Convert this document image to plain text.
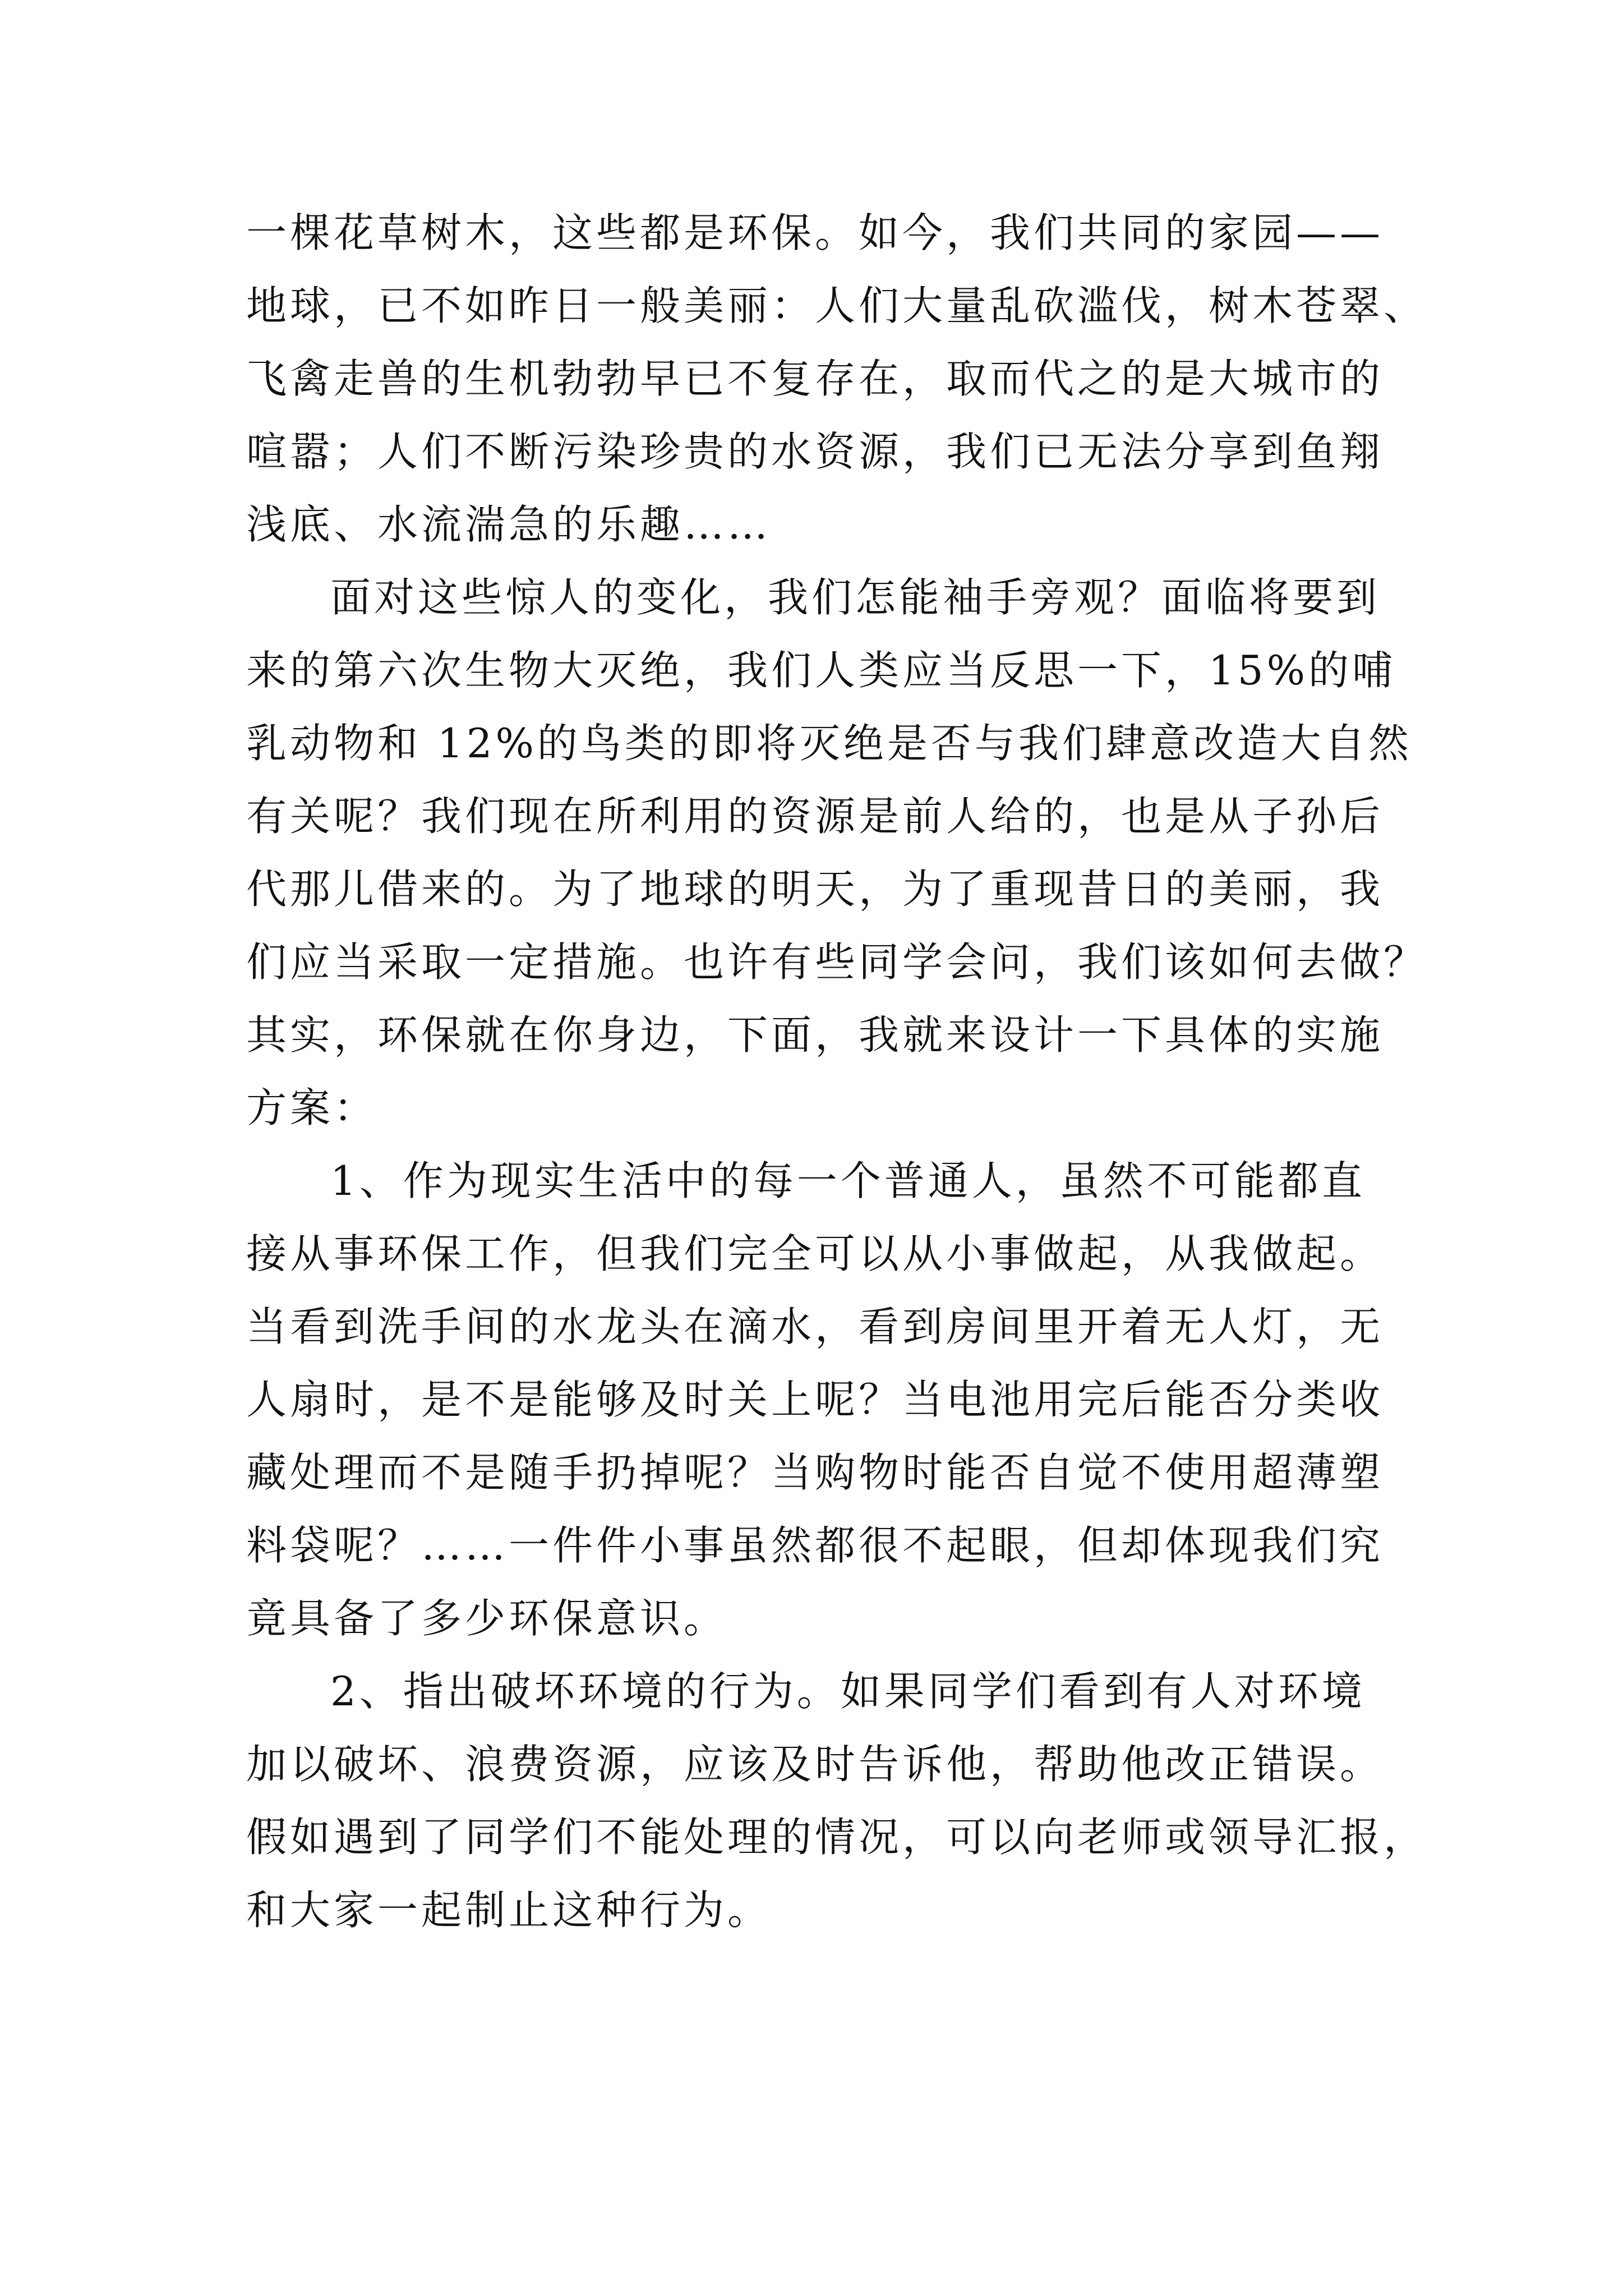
一棵花草树木，这些都是环保。如今，我们共同的家园——
地球，已不如昨日一般美丽：人们大量乱砍滥伐，树木苍翠、
飞禽走兽的生机勃勃早已不复存在，取而代之的是大城市的
喧嚣；人们不断污染珍贵的水资源，我们已无法分享到鱼翔
浅底、水流湍急的乐趣……
面对这些惊人的变化，我们怎能袖手旁观？面临将要到
来的第六次生物大灭绝，我们人类应当反思一下，15%的哺
乳动物和 12%的鸟类的即将灭绝是否与我们肆意改造大自然
有关呢？我们现在所利用的资源是前人给的，也是从子孙后
代那儿借来的。为了地球的明天，为了重现昔日的美丽，我
们应当采取一定措施。也许有些同学会问，我们该如何去做？
其实，环保就在你身边，下面，我就来设计一下具体的实施
方案：
1、作为现实生活中的每一个普通人，虽然不可能都直
接从事环保工作，但我们完全可以从小事做起，从我做起。
当看到洗手间的水龙头在滴水，看到房间里开着无人灯，无
人扇时，是不是能够及时关上呢？当电池用完后能否分类收
藏处理而不是随手扔掉呢？当购物时能否自觉不使用超薄塑
料袋呢？……一件件小事虽然都很不起眼，但却体现我们究
竟具备了多少环保意识。
2、指出破坏环境的行为。如果同学们看到有人对环境
加以破坏、浪费资源，应该及时告诉他，帮助他改正错误。
假如遇到了同学们不能处理的情况，可以向老师或领导汇报，
和大家一起制止这种行为。
